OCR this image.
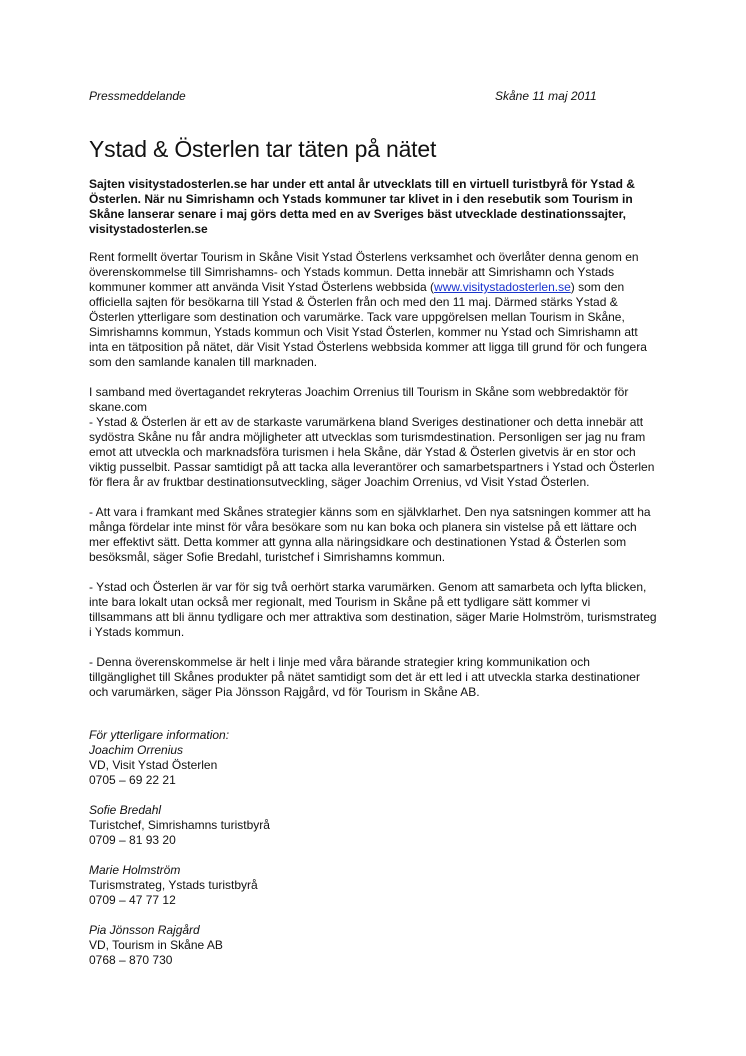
Pressmeddelande	Skåne 11 maj 2011
Ystad & Österlen tar täten på nätet
Sajten visitystadosterlen.se har under ett antal år utvecklats till en virtuell turistbyrå för Ystad & Österlen. När nu Simrishamn och Ystads kommuner tar klivet in i den resebutik som Tourism in Skåne lanserar senare i maj görs detta med en av Sveriges bäst utvecklade destinationssajter, visitystadosterlen.se

Rent formellt övertar Tourism in Skåne Visit Ystad Österlens verksamhet och överlåter denna genom en överenskommelse till Simrishamns- och Ystads kommun. Detta innebär att Simrishamn och Ystads kommuner kommer att använda Visit Ystad Österlens webbsida (www.visitystadosterlen.se) som den officiella sajten för besökarna till Ystad & Österlen från och med den 11 maj. Därmed stärks Ystad & Österlen ytterligare som destination och varumärke. Tack vare uppgörelsen mellan Tourism in Skåne, Simrishamns kommun, Ystads kommun och Visit Ystad Österlen, kommer nu Ystad och Simrishamn att inta en tätposition på nätet, där Visit Ystad Österlens webbsida kommer att ligga till grund för och fungera som den samlande kanalen till marknaden.

I samband med övertagandet rekryteras Joachim Orrenius till Tourism in Skåne som webbredaktör för skane.com
- Ystad & Österlen är ett av de starkaste varumärkena bland Sveriges destinationer och detta innebär att sydöstra Skåne nu får andra möjligheter att utvecklas som turismdestination. Personligen ser jag nu fram emot att utveckla och marknadsföra turismen i hela Skåne, där Ystad & Österlen givetvis är en stor och viktig pusselbit. Passar samtidigt på att tacka alla leverantörer och samarbetspartners i Ystad och Österlen för flera år av fruktbar destinationsutveckling, säger Joachim Orrenius, vd Visit Ystad Österlen.

- Att vara i framkant med Skånes strategier känns som en självklarhet. Den nya satsningen kommer att ha många fördelar inte minst för våra besökare som nu kan boka och planera sin vistelse på ett lättare och mer effektivt sätt. Detta kommer att gynna alla näringsidkare och destinationen Ystad & Österlen som besöksmål, säger Sofie Bredahl, turistchef i Simrishamns kommun.

- Ystad och Österlen är var för sig två oerhört starka varumärken. Genom att samarbeta och lyfta blicken, inte bara lokalt utan också mer regionalt, med Tourism in Skåne på ett tydligare sätt kommer vi tillsammans att bli ännu tydligare och mer attraktiva som destination, säger Marie Holmström, turismstrateg i Ystads kommun.

- Denna överenskommelse är helt i linje med våra bärande strategier kring kommunikation och tillgänglighet till Skånes produkter på nätet samtidigt som det är ett led i att utveckla starka destinationer och varumärken, säger Pia Jönsson Rajgård, vd för Tourism in Skåne AB.

För ytterligare information:
Joachim Orrenius
VD, Visit Ystad Österlen
0705 – 69 22 21
Sofie Bredahl
Turistchef, Simrishamns turistbyrå
0709 – 81 93 20
Marie Holmström
Turismstrateg, Ystads turistbyrå
0709 – 47 77 12
Pia Jönsson Rajgård
VD, Tourism in Skåne AB
0768 – 870 730
